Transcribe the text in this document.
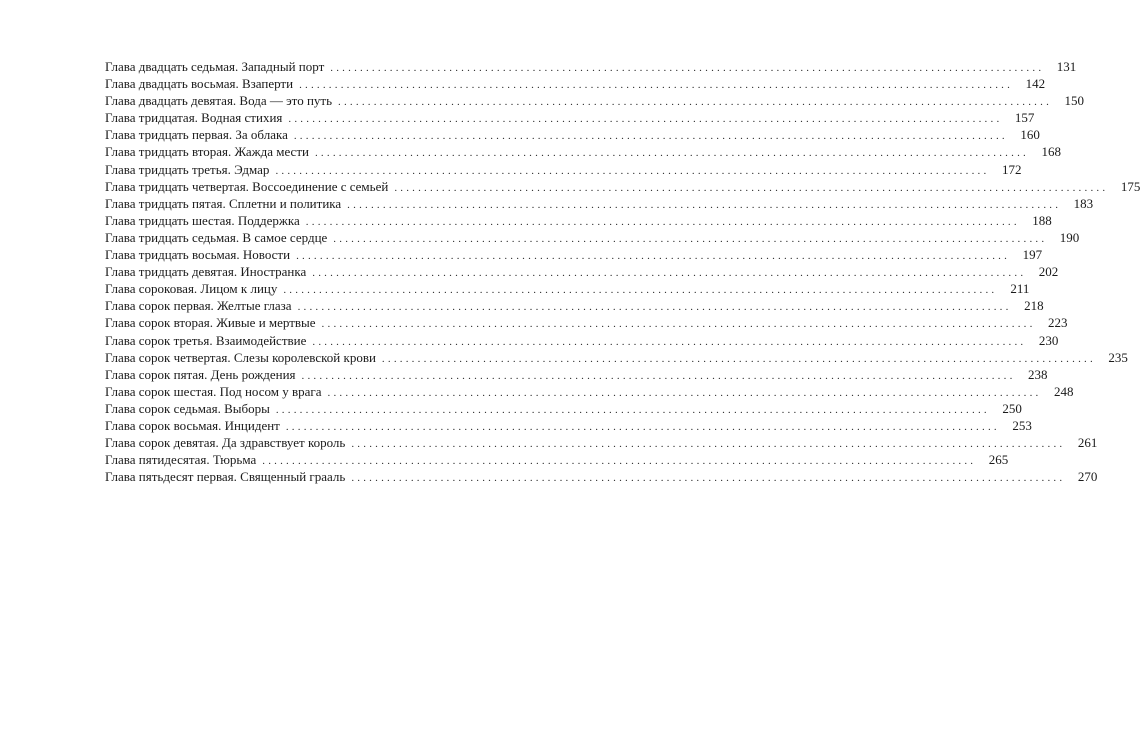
Глава двадцать седьмая. Западный порт ........................................................................................................................ 131
Глава двадцать восьмая. Взаперти ........................................................................................................................ 142
Глава двадцать девятая. Вода — это путь ........................................................................................................................ 150
Глава тридцатая. Водная стихия ........................................................................................................................ 157
Глава тридцать первая. За облака ........................................................................................................................ 160
Глава тридцать вторая. Жажда мести ........................................................................................................................ 168
Глава тридцать третья. Эдмар ........................................................................................................................ 172
Глава тридцать четвертая. Воссоединение с семьей ........................................................................................................................ 175
Глава тридцать пятая. Сплетни и политика ........................................................................................................................ 183
Глава тридцать шестая. Поддержка ........................................................................................................................ 188
Глава тридцать седьмая. В самое сердце ........................................................................................................................ 190
Глава тридцать восьмая. Новости ........................................................................................................................ 197
Глава тридцать девятая. Иностранка ........................................................................................................................ 202
Глава сороковая. Лицом к лицу ........................................................................................................................ 211
Глава сорок первая. Желтые глаза ........................................................................................................................ 218
Глава сорок вторая. Живые и мертвые ........................................................................................................................ 223
Глава сорок третья. Взаимодействие ........................................................................................................................ 230
Глава сорок четвертая. Слезы королевской крови ........................................................................................................................ 235
Глава сорок пятая. День рождения ........................................................................................................................ 238
Глава сорок шестая. Под носом у врага ........................................................................................................................ 248
Глава сорок седьмая. Выборы ........................................................................................................................ 250
Глава сорок восьмая. Инцидент ........................................................................................................................ 253
Глава сорок девятая. Да здравствует король ........................................................................................................................ 261
Глава пятидесятая. Тюрьма ........................................................................................................................ 265
Глава пятьдесят первая. Священный грааль ........................................................................................................................ 270
